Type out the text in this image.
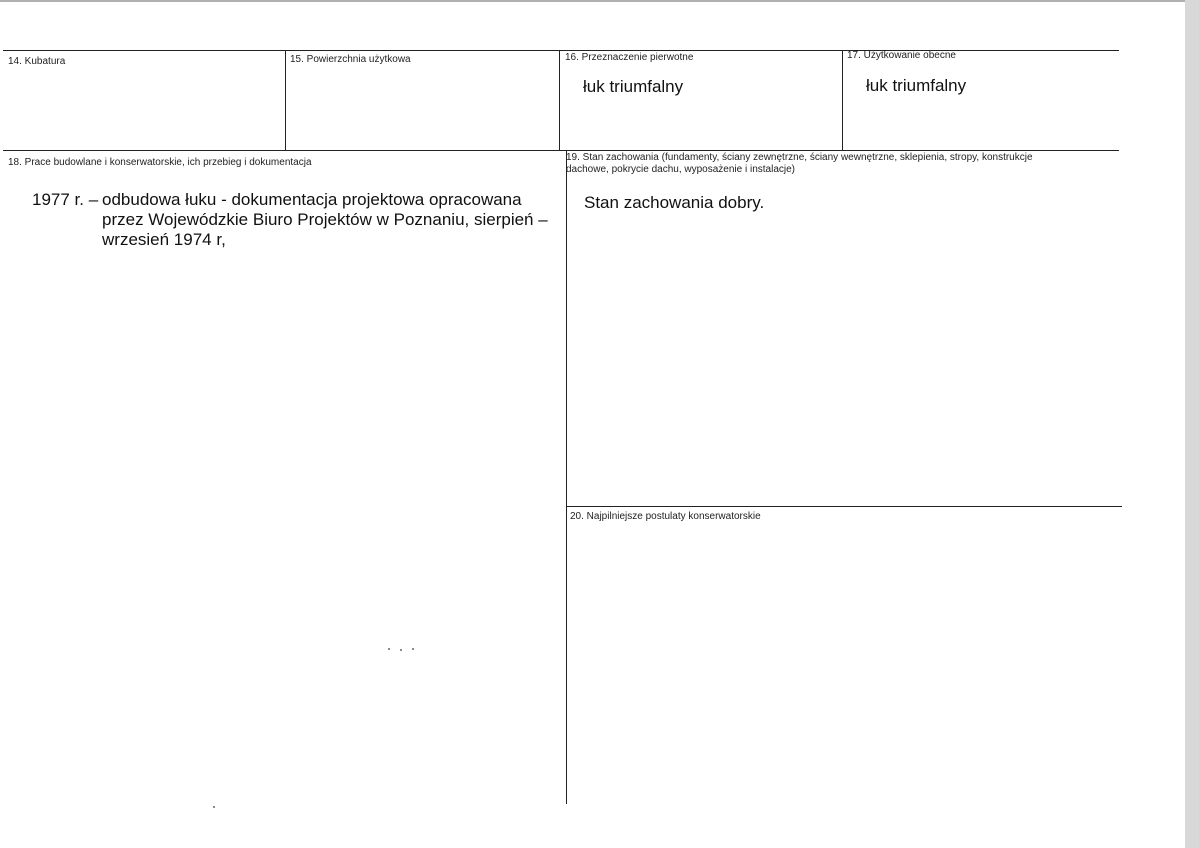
14. Kubatura	15. Powierzchnia użytkowa	16. Przeznaczenie pierwotne
łuk triumfalny
17. Użytkowanie obecne
łuk triumfalny
18. Prace budowlane i konserwatorskie, ich przebieg i dokumentacja
1977 r. – odbudowa łuku - dokumentacja projektowa opracowana przez Wojewódzkie Biuro Projektów w Poznaniu, sierpień – wrzesień 1974 r,
19. Stan zachowania (fundamenty, ściany zewnętrzne, ściany wewnętrzne, sklepienia, stropy, konstrukcje dachowe, pokrycie dachu, wyposażenie i instalacje)
Stan zachowania dobry.
20. Najpilniejsze postulaty konserwatorskie
